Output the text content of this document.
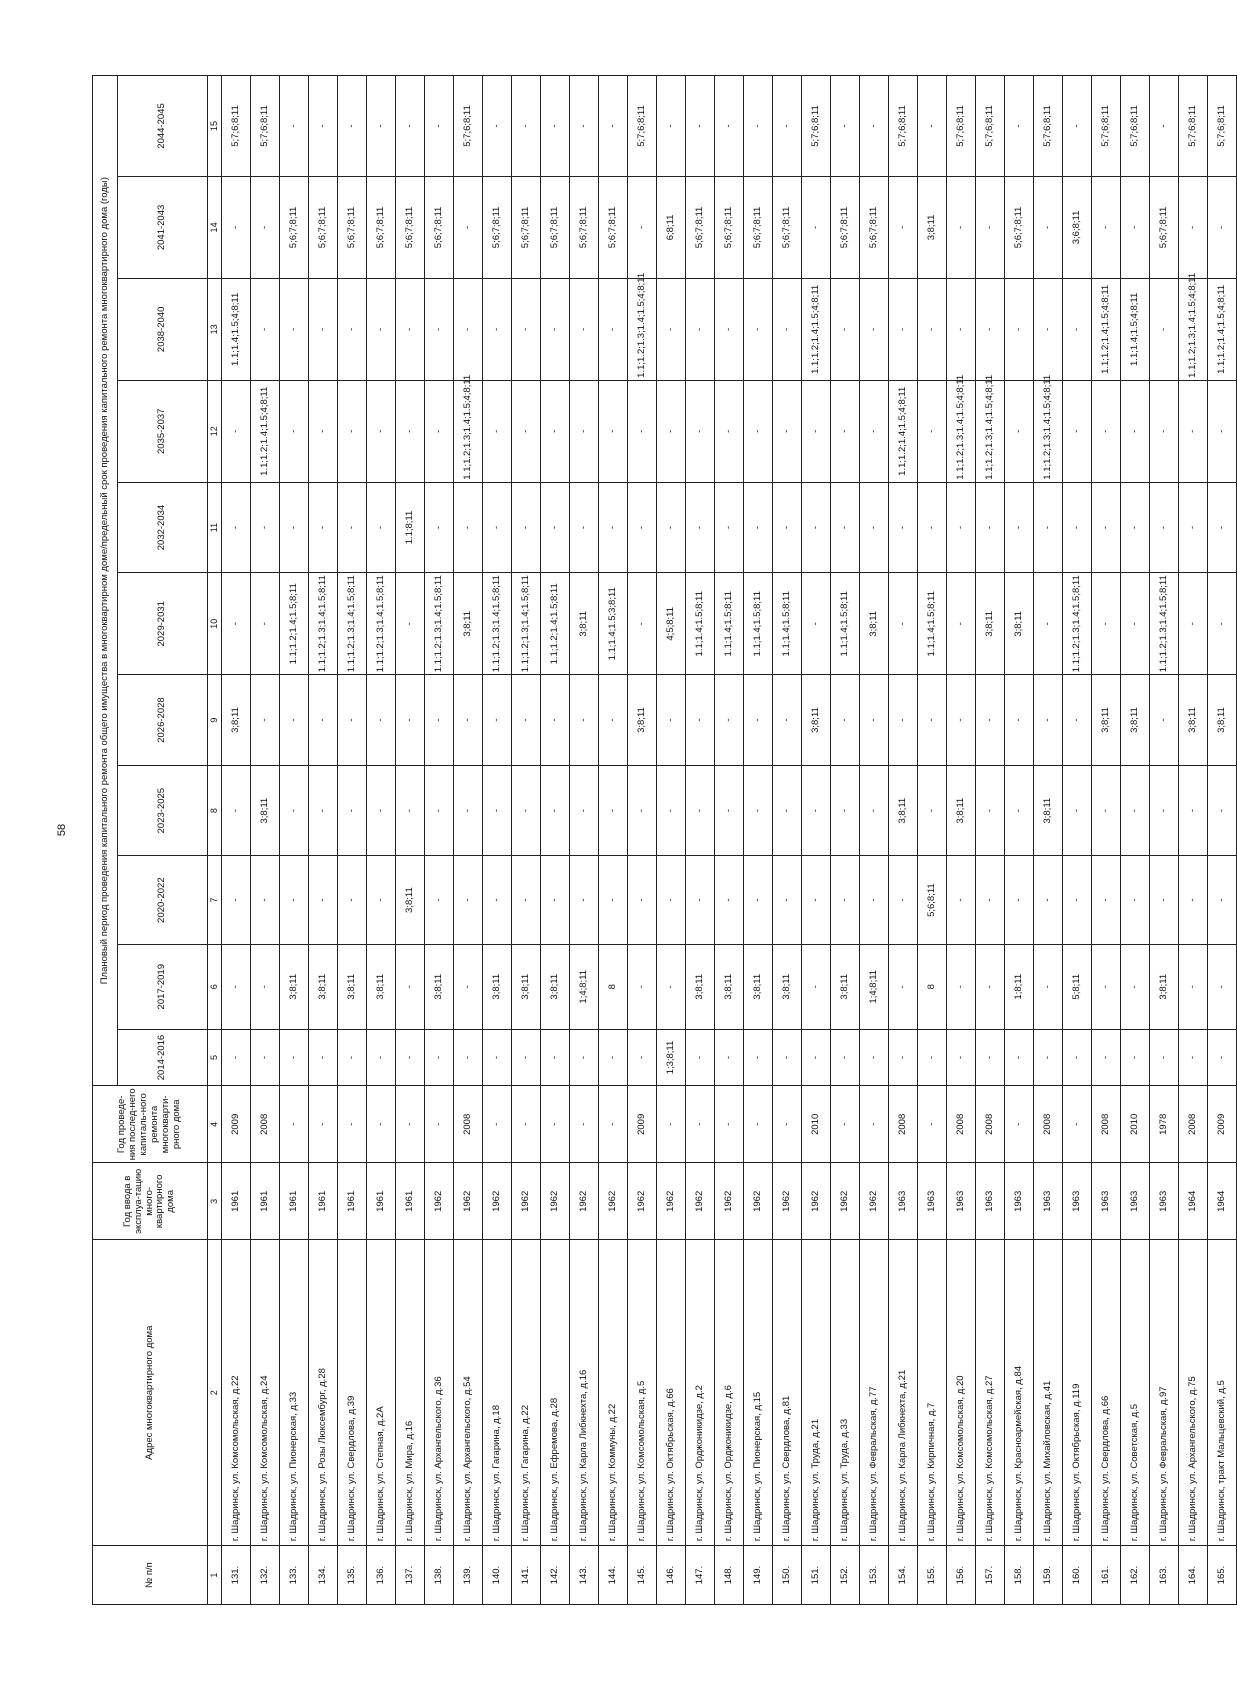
58
№ п/п	Адрес многоквартирного дома	Год ввода в эксплуа-тацию много-квартирного дома	Год проведе-ния послед-него капиталь-ного ремонта многокварти-рного дома	Плановый период проведения капитального ремонта общего имущества в многоквартирном доме/предельный срок проведения капитального ремонта многоквартирного дома (годы)										
				2014-2016	2017-2019	2020-2022	2023-2025	2026-2028	2029-2031	2032-2034	2035-2037	2038-2040	2041-2043	2044-2045
1	2	3	4	5	6	7	8	9	10	11	12	13	14	15
131.	г. Шадринск, ул. Комсомольская, д.22	1961	2009	-	-	-	-	3;8;11	-	-	-	1.1;1.4;1.5;4;8;11	-	5;7;6;8;11
132.	г. Шадринск, ул. Комсомольская, д.24	1961	2008	-	-	-	3;8;11	-	-	-	1.1;1.2;1.4;1.5;4;8;11	-	-	5;7;6;8;11
133.	г. Шадринск, ул. Пионерская, д.33	1961	-	-	3;8;11	-	-	-	1.1;1.2;1.4;1.5;8;11	-	-	-	5;6;7;8;11	-
134.	г. Шадринск, ул. Розы Люксембург, д.28	1961	-	-	3;8;11	-	-	-	1.1;1.2;1.3;1.4;1.5;8;11	-	-	-	5;6;7;8;11	-
135.	г. Шадринск, ул. Свердлова, д.39	1961	-	-	3;8;11	-	-	-	1.1;1.2;1.3;1.4;1.5;8;11	-	-	-	5;6;7;8;11	-
136.	г. Шадринск, ул. Степная, д.2А	1961	-	-	3;8;11	-	-	-	1.1;1.2;1.3;1.4;1.5;8;11	-	-	-	5;6;7;8;11	-
137.	г. Шадринск, ул. Мира, д.16	1961	-	-	-	3;8;11	-	-	-	1.1;8;11	-	-	5;6;7;8;11	-
138.	г. Шадринск, ул. Архангельского, д.36	1962	-	-	3;8;11	-	-	-	1.1;1.2;1.3;1.4;1.5;8;11	-	-	-	5;6;7;8;11	-
139.	г. Шадринск, ул. Архангельского, д.54	1962	2008	-	-	-	-	-	3;8;11	-	1.1;1.2;1.3;1.4;1.5;4;8;11	-	-	5;7;6;8;11
140.	г. Шадринск, ул. Гагарина, д.18	1962	-	-	3;8;11	-	-	-	1.1;1.2;1.3;1.4;1.5;8;11	-	-	-	5;6;7;8;11	-
141.	г. Шадринск, ул. Гагарина, д.22	1962	-	-	3;8;11	-	-	-	1.1;1.2;1.3;1.4;1.5;8;11	-	-	-	5;6;7;8;11	-
142.	г. Шадринск, ул. Ефремова, д.28	1962	-	-	3;8;11	-	-	-	1.1;1.2;1.4;1.5;8;11	-	-	-	5;6;7;8;11	-
143.	г. Шадринск, ул. Карла Либкнехта, д.16	1962	-	-	1;4;8;11	-	-	-	3;8;11	-	-	-	5;6;7;8;11	-
144.	г. Шадринск, ул. Коммуны, д.22	1962	-	-	8	-	-	-	1.1;1.4;1.5;3;8;11	-	-	-	5;6;7;8;11	-
145.	г. Шадринск, ул. Комсомольская, д.5	1962	2009	-	-	-	-	3;8;11	-	-	-	1.1;1.2;1.3;1.4;1.5;4;8;11	-	5;7;6;8;11
146.	г. Шадринск, ул. Октябрьская, д.66	1962	-	1;3;8;11	-	-	-	-	4;5;8;11	-	-	-	6;8;11	-
147.	г. Шадринск, ул. Орджоникидзе, д.2	1962	-	-	3;8;11	-	-	-	1.1;1.4;1.5;8;11	-	-	-	5;6;7;8;11	-
148.	г. Шадринск, ул. Орджоникидзе, д.6	1962	-	-	3;8;11	-	-	-	1.1;1.4;1.5;8;11	-	-	-	5;6;7;8;11	-
149.	г. Шадринск, ул. Пионерская, д.15	1962	-	-	3;8;11	-	-	-	1.1;1.4;1.5;8;11	-	-	-	5;6;7;8;11	-
150.	г. Шадринск, ул. Свердлова, д.81	1962	-	-	3;8;11	-	-	-	1.1;1.4;1.5;8;11	-	-	-	5;6;7;8;11	-
151.	г. Шадринск, ул. Труда, д.21	1962	2010	-	-	-	-	3;8;11	-	-	-	1.1;1.2;1.4;1.5;4;8;11	-	5;7;6;8;11
152.	г. Шадринск, ул. Труда, д.33	1962	-	-	3;8;11	-	-	-	1.1;1.4;1.5;8;11	-	-	-	5;6;7;8;11	-
153.	г. Шадринск, ул. Февральская, д.77	1962	-	-	1;4;8;11	-	-	-	3;8;11	-	-	-	5;6;7;8;11	-
154.	г. Шадринск, ул. Карла Либкнехта, д.21	1963	2008	-	-	-	3;8;11	-	-	-	1.1;1.2;1.4;1.5;4;8;11	-	-	5;7;6;8;11
155.	г. Шадринск, ул. Кирпичная, д.7	1963	-	-	8	5;6;8;11	-	-	1.1;1.4;1.5;8;11	-	-	-	3;8;11	-
156.	г. Шадринск, ул. Комсомольская, д.20	1963	2008	-	-	-	3;8;11	-	-	-	1.1;1.2;1.3;1.4;1.5;4;8;11	-	-	5;7;6;8;11
157.	г. Шадринск, ул. Комсомольская, д.27	1963	2008	-	-	-	-	-	3;8;11	-	1.1;1.2;1.3;1.4;1.5;4;8;11	-	-	5;7;6;8;11
158.	г. Шадринск, ул. Красноармейская, д.84	1963	-	-	1;8;11	-	-	-	3;8;11	-	-	-	5;6;7;8;11	-
159.	г. Шадринск, ул. Михайловская, д.41	1963	2008	-	-	-	3;8;11	-	-	-	1.1;1.2;1.3;1.4;1.5;4;8;11	-	-	5;7;6;8;11
160.	г. Шадринск, ул. Октябрьская, д.119	1963	-	-	5;8;11	-	-	-	1.1;1.2;1.3;1.4;1.5;8;11	-	-	-	3;6;8;11	-
161.	г. Шадринск, ул. Свердлова, д.66	1963	2008	-	-	-	-	3;8;11	-	-	-	1.1;1.2;1.4;1.5;4;8;11	-	5;7;6;8;11
162.	г. Шадринск, ул. Советская, д.5	1963	2010	-	-	-	-	3;8;11	-	-	-	1.1;1.4;1.5;4;8;11	-	5;7;6;8;11
163.	г. Шадринск, ул. Февральская, д.97	1963	1978	-	3;8;11	-	-	-	1.1;1.2;1.3;1.4;1.5;8;11	-	-	-	5;6;7;8;11	-
164.	г. Шадринск, ул. Архангельского, д.75	1964	2008	-	-	-	-	3;8;11	-	-	-	1.1;1.2;1.3;1.4;1.5;4;8;11	-	5;7;6;8;11
165.	г. Шадринск, тракт Мальцевский, д.5	1964	2009	-	-	-	-	3;8;11	-	-	-	1.1;1.2;1.4;1.5;4;8;11	-	5;7;6;8;11
